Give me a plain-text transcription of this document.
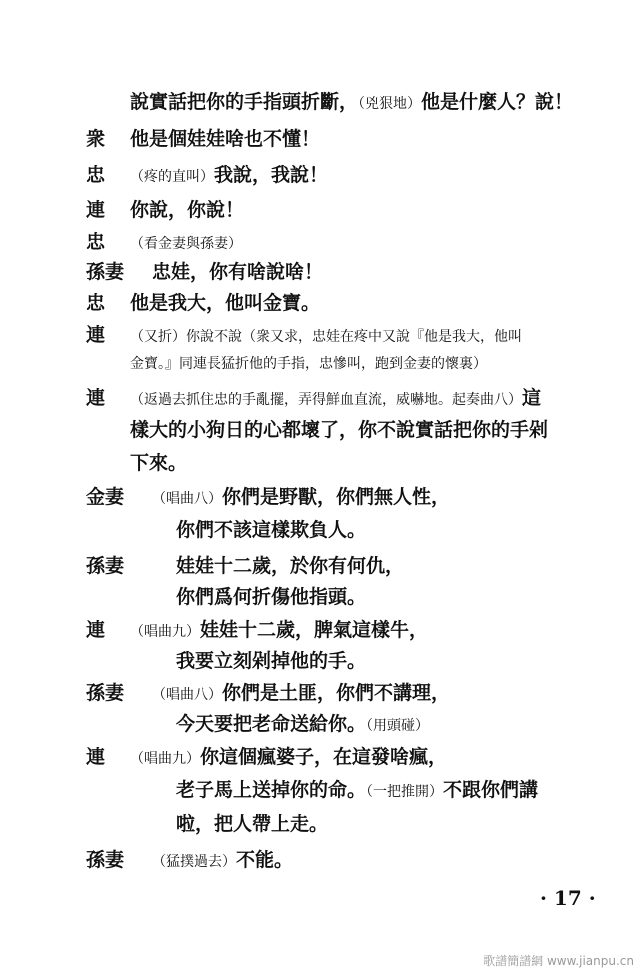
說實話把你的手指頭折斷，（兇狠地）他是什麼人？說！
衆 他是個娃娃啥也不懂！
忠 （疼的直叫）我說，我說！
連 你說，你說！
忠 （看金妻與孫妻）
孫妻 忠娃，你有啥說啥！
忠 他是我大，他叫金寶。
連 （又折）你說不說（衆又求，忠娃在疼中又說『他是我大，他叫
金寶。』同連長猛折他的手指，忠慘叫，跑到金妻的懷裏）
連 （返過去抓住忠的手亂擺，弄得鮮血直流，威嚇地。起奏曲八）這
樣大的小狗日的心都壞了，你不說實話把你的手剁
下來。
金妻 （唱曲八）你們是野獸，你們無人性，
你們不該這樣欺負人。
孫妻	娃娃十二歲，於你有何仇，
你們爲何折傷他指頭。
連 （唱曲九）娃娃十二歲，脾氣這樣牛，
我要立刻剁掉他的手。
孫妻 （唱曲八）你們是土匪，你們不講理，
今天要把老命送給你。（用頭碰）
連 （唱曲九）你這個瘋婆子，在這發啥瘋，
老子馬上送掉你的命。（一把推開）不跟你們講
啦，把人帶上走。
孫妻 （猛撲過去）不能。
· 17 ·
歌譜簡譜網 www.jianpu.cn
